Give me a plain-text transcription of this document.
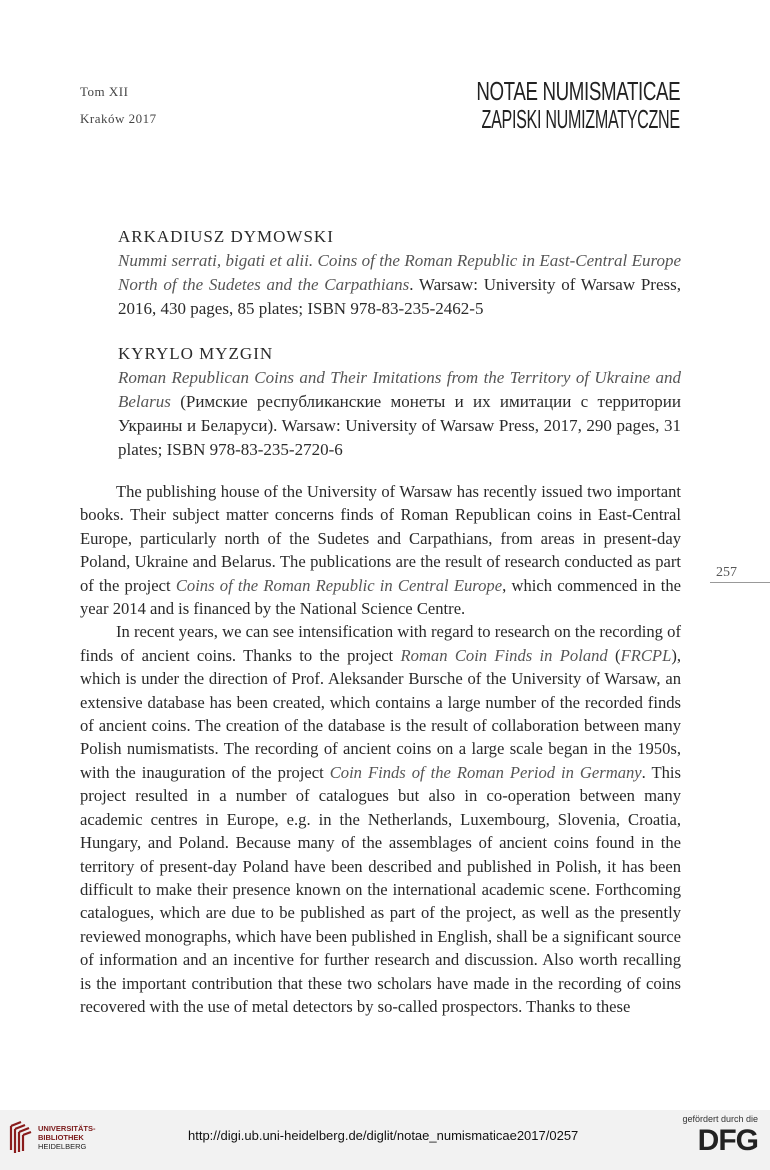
Tom XII
Kraków 2017
NOTAE NUMISMATICAE
ZAPISKI NUMIZMATYCZNE
ARKADIUSZ DYMOWSKI

Nummi serrati, bigati et alii. Coins of the Roman Republic in East-Central Europe North of the Sudetes and the Carpathians. Warsaw: University of Warsaw Press, 2016, 430 pages, 85 plates; ISBN 978-83-235-2462-5

KYRYLO MYZGIN

Roman Republican Coins and Their Imitations from the Territory of Ukraine and Belarus (Римские республиканские монеты и их имитации с территории Украины и Беларуси). Warsaw: University of Warsaw Press, 2017, 290 pages, 31 plates; ISBN 978-83-235-2720-6

The publishing house of the University of Warsaw has recently issued two important books. Their subject matter concerns finds of Roman Republican coins in East-Central Europe, particularly north of the Sudetes and Carpathians, from areas in present-day Poland, Ukraine and Belarus. The publications are the result of research conducted as part of the project Coins of the Roman Republic in Central Europe, which commenced in the year 2014 and is financed by the National Science Centre.

In recent years, we can see intensification with regard to research on the recording of finds of ancient coins. Thanks to the project Roman Coin Finds in Poland (FRCPL), which is under the direction of Prof. Aleksander Bursche of the University of Warsaw, an extensive database has been created, which contains a large number of the recorded finds of ancient coins. The creation of the database is the result of collaboration between many Polish numismatists. The recording of ancient coins on a large scale began in the 1950s, with the inauguration of the project Coin Finds of the Roman Period in Germany. This project resulted in a number of catalogues but also in co-operation between many academic centres in Europe, e.g. in the Netherlands, Luxembourg, Slovenia, Croatia, Hungary, and Poland. Because many of the assemblages of ancient coins found in the territory of present-day Poland have been described and published in Polish, it has been difficult to make their presence known on the international academic scene. Forthcoming catalogues, which are due to be published as part of the project, as well as the presently reviewed monographs, which have been published in English, shall be a significant source of information and an incentive for further research and discussion. Also worth recalling is the important contribution that these two scholars have made in the recording of coins recovered with the use of metal detectors by so-called prospectors. Thanks to these

257
UNIVERSITÄTS-
BIBLIOTHEK
HEIDELBERG
http://digi.ub.uni-heidelberg.de/diglit/notae_numismaticae2017/0257
gefördert durch die
DFG
